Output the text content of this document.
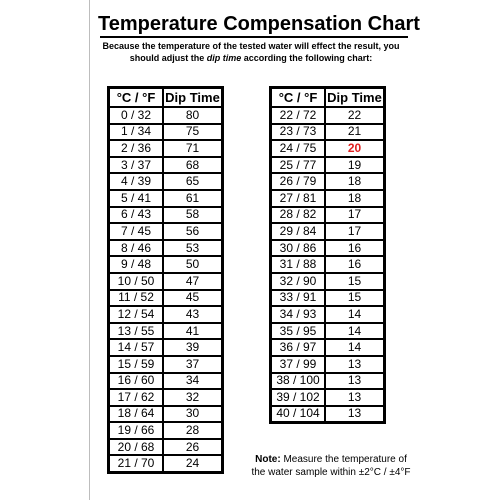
Temperature Compensation Chart
Because the temperature of the tested water will effect the result, you
should adjust the dip time according the following chart:
°C / °F	Dip Time
0 / 32	80
1 / 34	75
2 / 36	71
3 / 37	68
4 / 39	65
5 / 41	61
6 / 43	58
7 / 45	56
8 / 46	53
9 / 48	50
10 / 50	47
11 / 52	45
12 / 54	43
13 / 55	41
14 / 57	39
15 / 59	37
16 / 60	34
17 / 62	32
18 / 64	30
19 / 66	28
20 / 68	26
21 / 70	24
°C / °F	Dip Time
22 / 72	22
23 / 73	21
24 / 75	20
25 / 77	19
26 / 79	18
27 / 81	18
28 / 82	17
29 / 84	17
30 / 86	16
31 / 88	16
32 / 90	15
33 / 91	15
34 / 93	14
35 / 95	14
36 / 97	14
37 / 99	13
38 / 100	13
39 / 102	13
40 / 104	13
Note: Measure the temperature of
the water sample within ±2°C / ±4°F
